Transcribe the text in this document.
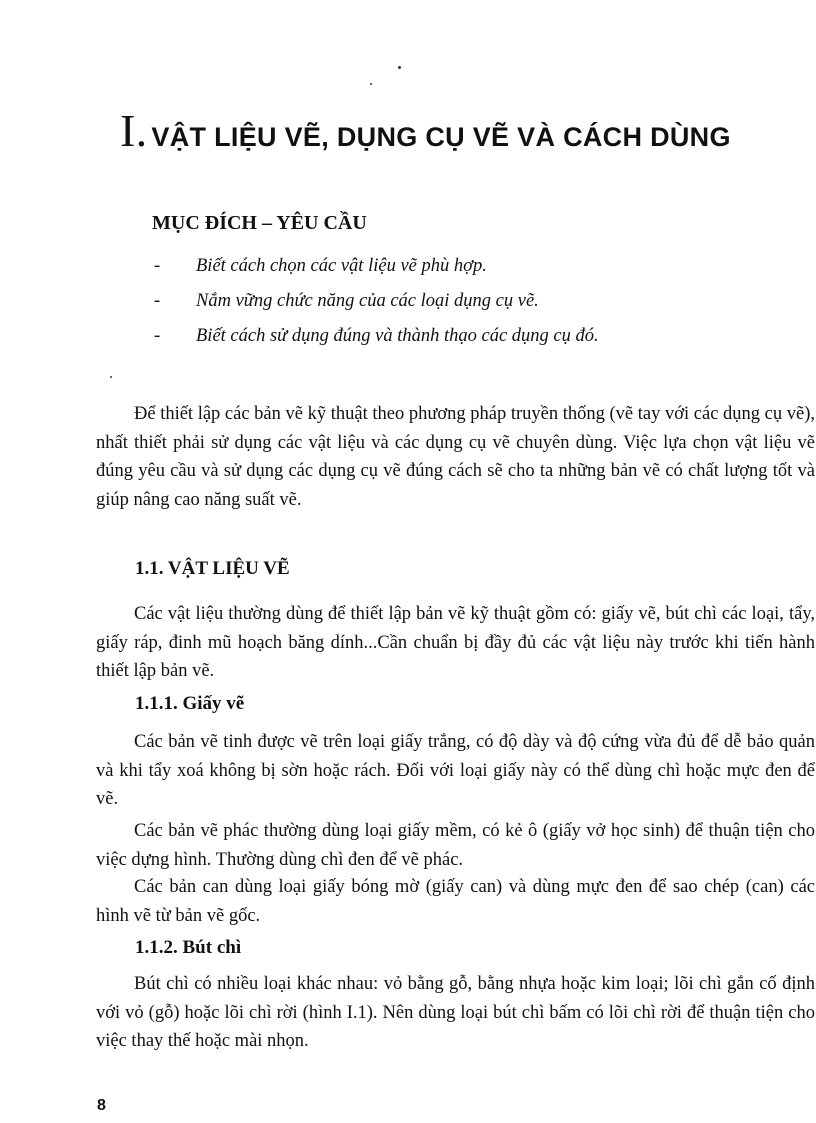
I. VẬT LIỆU VẼ, DỤNG CỤ VẼ VÀ CÁCH DÙNG
MỤC ĐÍCH – YÊU CẦU
- Biết cách chọn các vật liệu vẽ phù hợp.
- Nắm vững chức năng của các loại dụng cụ vẽ.
- Biết cách sử dụng đúng và thành thạo các dụng cụ đó.

Để thiết lập các bản vẽ kỹ thuật theo phương pháp truyền thống (vẽ tay với các dụng cụ vẽ), nhất thiết phải sử dụng các vật liệu và các dụng cụ vẽ chuyên dùng. Việc lựa chọn vật liệu vẽ đúng yêu cầu và sử dụng các dụng cụ vẽ đúng cách sẽ cho ta những bản vẽ có chất lượng tốt và giúp nâng cao năng suất vẽ.

1.1. VẬT LIỆU VẼ

Các vật liệu thường dùng để thiết lập bản vẽ kỹ thuật gồm có: giấy vẽ, bút chì các loại, tẩy, giấy ráp, đinh mũ hoạch băng dính...Cần chuẩn bị đầy đủ các vật liệu này trước khi tiến hành thiết lập bản vẽ.

1.1.1. Giấy vẽ

Các bản vẽ tinh được vẽ trên loại giấy trắng, có độ dày và độ cứng vừa đủ để dễ bảo quản và khi tẩy xoá không bị sờn hoặc rách. Đối với loại giấy này có thể dùng chì hoặc mực đen để vẽ.

Các bản vẽ phác thường dùng loại giấy mềm, có kẻ ô (giấy vở học sinh) để thuận tiện cho việc dựng hình. Thường dùng chì đen để vẽ phác.

Các bản can dùng loại giấy bóng mờ (giấy can) và dùng mực đen để sao chép (can) các hình vẽ từ bản vẽ gốc.

1.1.2. Bút chì

Bút chì có nhiều loại khác nhau: vỏ bằng gỗ, bằng nhựa hoặc kim loại; lõi chì gắn cố định với vỏ (gỗ) hoặc lõi chì rời (hình I.1). Nên dùng loại bút chì bấm có lõi chì rời để thuận tiện cho việc thay thế hoặc mài nhọn.

8
